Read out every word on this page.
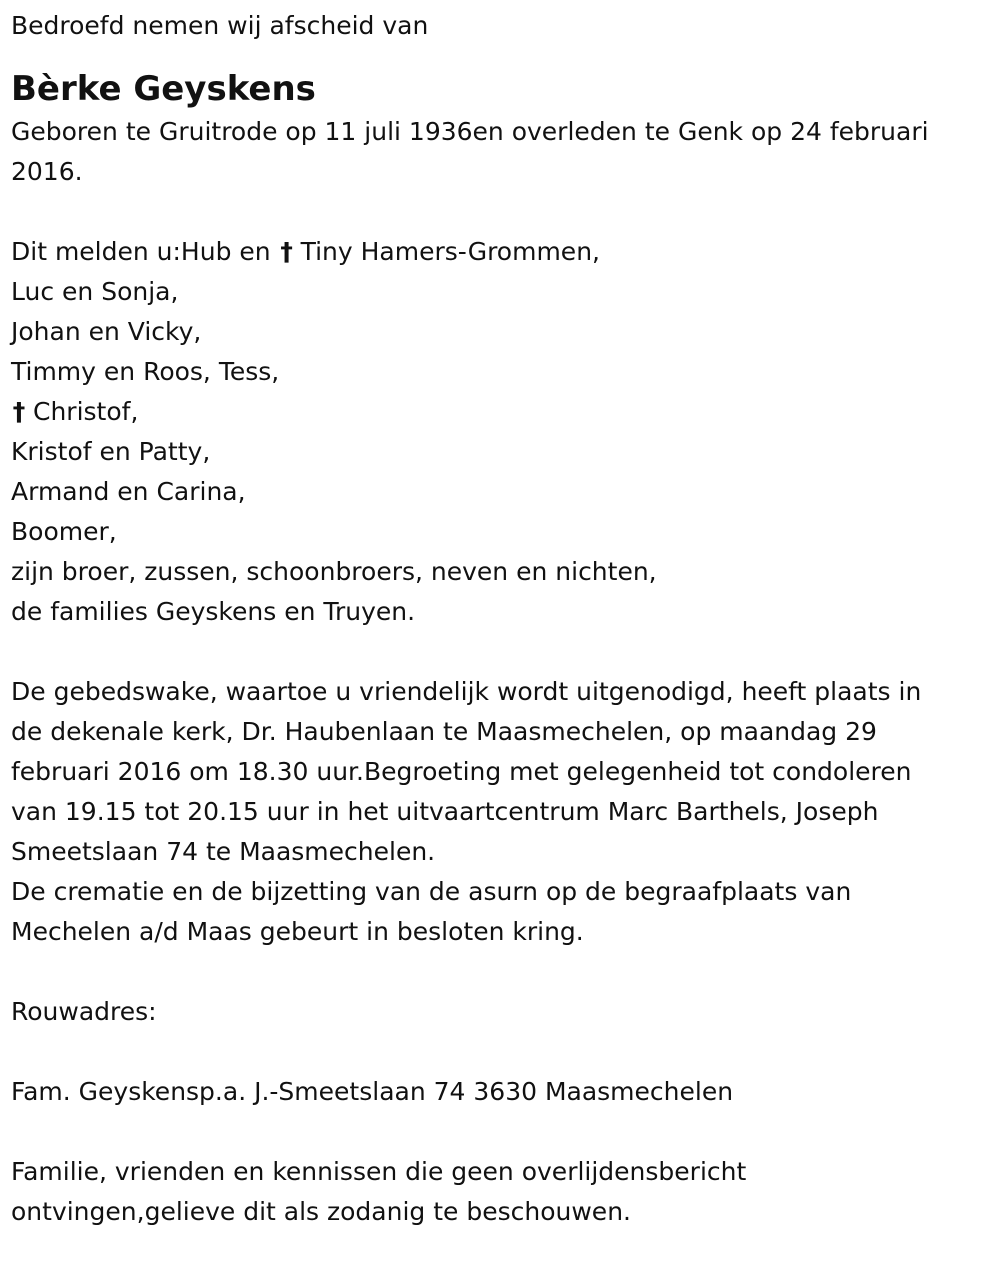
Bedroefd nemen wij afscheid van

Bèrke Geyskens

Geboren te Gruitrode op 11 juli 1936en overleden te Genk op 24 februari

2016.

Dit melden u:Hub en † Tiny Hamers-Grommen,

Luc en Sonja,

Johan en Vicky,

Timmy en Roos, Tess,

† Christof,

Kristof en Patty,

Armand en Carina,

Boomer,

zijn broer, zussen, schoonbroers, neven en nichten,

de families Geyskens en Truyen.

De gebedswake, waartoe u vriendelijk wordt uitgenodigd, heeft plaats in

de dekenale kerk, Dr. Haubenlaan te Maasmechelen, op maandag 29

februari 2016 om 18.30 uur.Begroeting met gelegenheid tot condoleren

van 19.15 tot 20.15 uur in het uitvaartcentrum Marc Barthels, Joseph

Smeetslaan 74 te Maasmechelen.

De crematie en de bijzetting van de asurn op de begraafplaats van

Mechelen a/d Maas gebeurt in besloten kring.

Rouwadres:

Fam. Geyskensp.a. J.-Smeetslaan 74 3630 Maasmechelen

Familie, vrienden en kennissen die geen overlijdensbericht

ontvingen,gelieve dit als zodanig te beschouwen.
